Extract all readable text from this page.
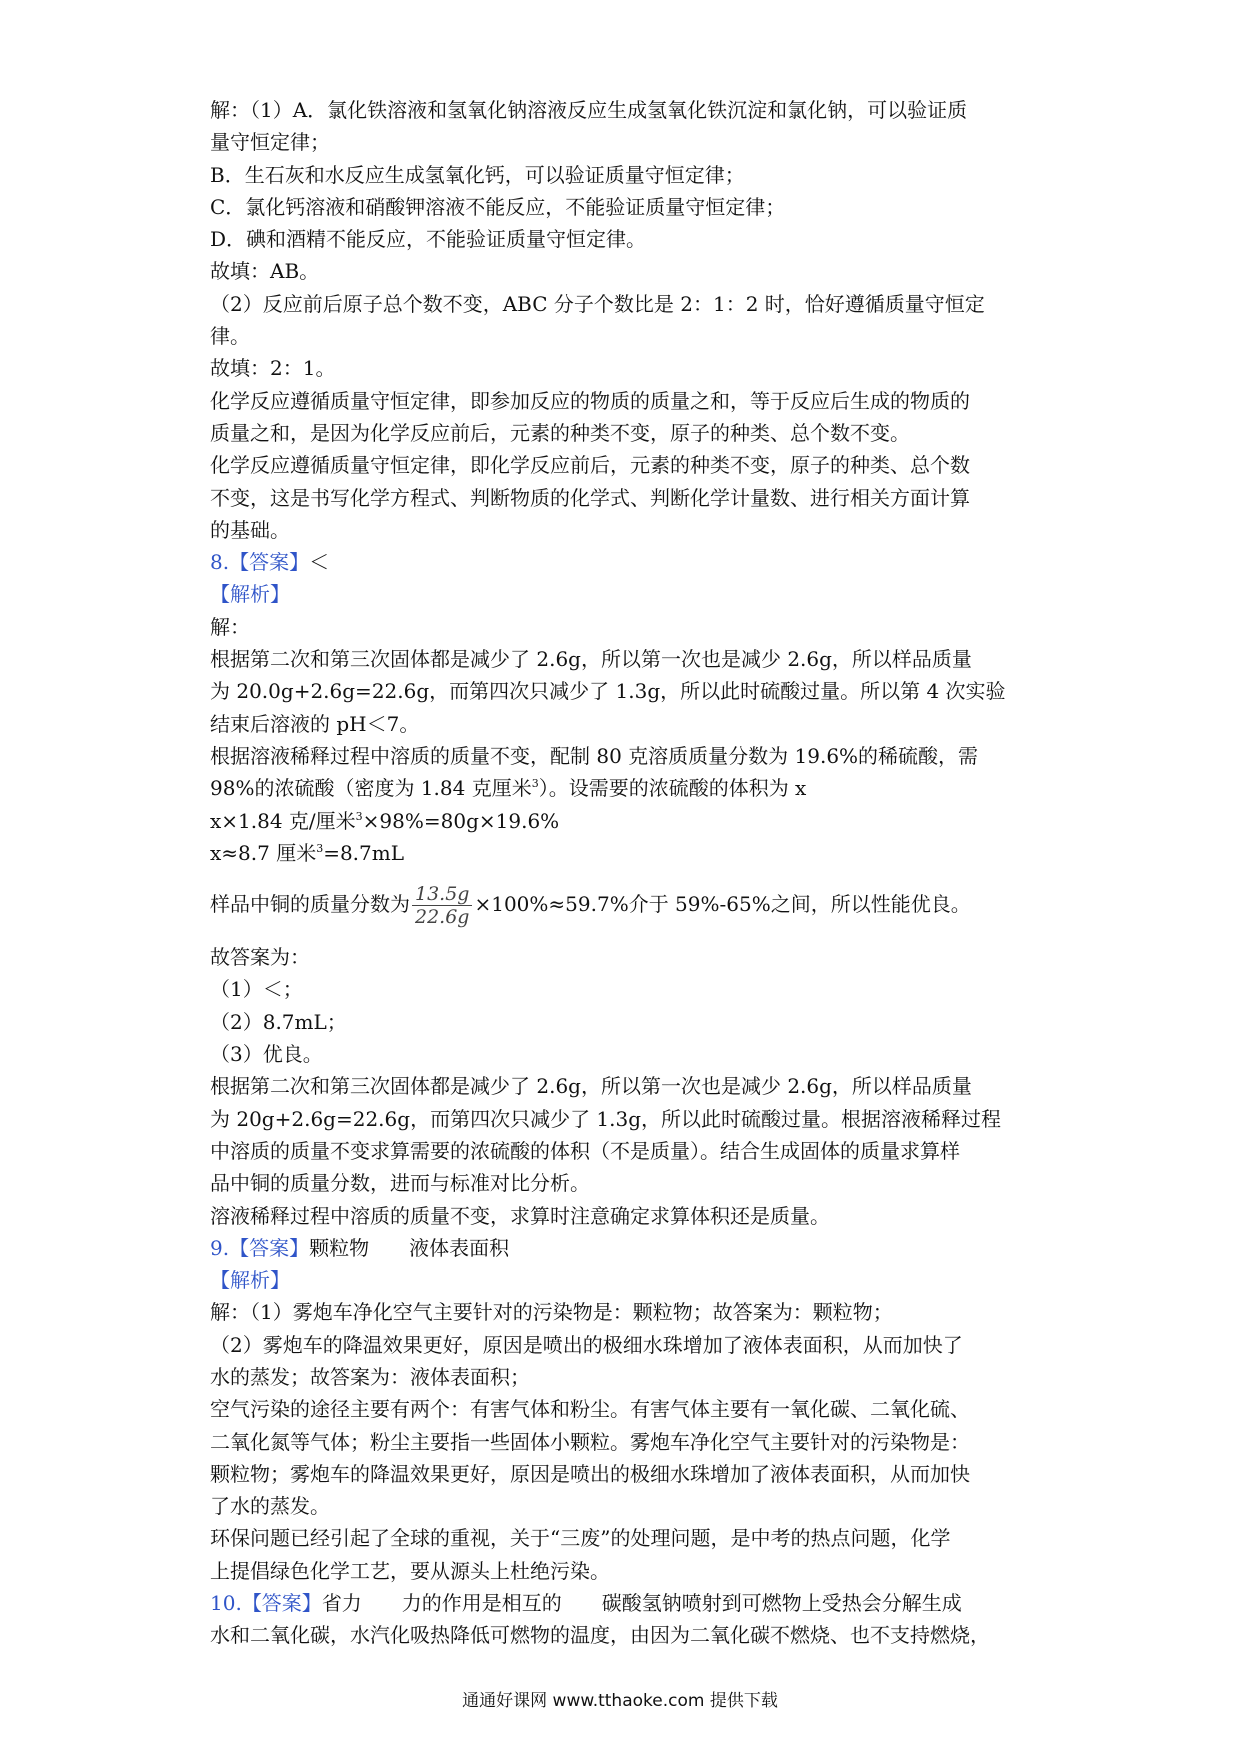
解：（1）A．氯化铁溶液和氢氧化钠溶液反应生成氢氧化铁沉淀和氯化钠，可以验证质
量守恒定律；
B．生石灰和水反应生成氢氧化钙，可以验证质量守恒定律；
C．氯化钙溶液和硝酸钾溶液不能反应，不能验证质量守恒定律；
D．碘和酒精不能反应，不能验证质量守恒定律。
故填：AB。
（2）反应前后原子总个数不变，ABC 分子个数比是 2：1：2 时，恰好遵循质量守恒定
律。
故填：2：1。
化学反应遵循质量守恒定律，即参加反应的物质的质量之和，等于反应后生成的物质的
质量之和，是因为化学反应前后，元素的种类不变，原子的种类、总个数不变。
化学反应遵循质量守恒定律，即化学反应前后，元素的种类不变，原子的种类、总个数
不变，这是书写化学方程式、判断物质的化学式、判断化学计量数、进行相关方面计算
的基础。
8.【答案】＜
【解析】
解：
根据第二次和第三次固体都是减少了 2.6g，所以第一次也是减少 2.6g，所以样品质量
为 20.0g+2.6g=22.6g，而第四次只减少了 1.3g，所以此时硫酸过量。所以第 4 次实验
结束后溶液的 pH＜7。
根据溶液稀释过程中溶质的质量不变，配制 80 克溶质质量分数为 19.6%的稀硫酸，需
98%的浓硫酸（密度为 1.84 克厘米$^3$）。设需要的浓硫酸的体积为 x
x×1.84 克/厘米$^3$×98%=80g×19.6%
x≈8.7 厘米$^3$=8.7mL
样品中铜的质量分数为 $\frac{13.5g}{22.6g} \times 100\%\approx 59.7\%$介于 59%-65%之间，所以性能优良。
故答案为：
（1）＜；
（2）8.7mL；
（3）优良。
根据第二次和第三次固体都是减少了 2.6g，所以第一次也是减少 2.6g，所以样品质量
为 20g+2.6g=22.6g，而第四次只减少了 1.3g，所以此时硫酸过量。根据溶液稀释过程
中溶质的质量不变求算需要的浓硫酸的体积（不是质量）。结合生成固体的质量求算样
品中铜的质量分数，进而与标准对比分析。
溶液稀释过程中溶质的质量不变，求算时注意确定求算体积还是质量。
9.【答案】颗粒物　　液体表面积
【解析】
解：（1）雾炮车净化空气主要针对的污染物是：颗粒物；故答案为：颗粒物；
（2）雾炮车的降温效果更好，原因是喷出的极细水珠增加了液体表面积，从而加快了
水的蒸发；故答案为：液体表面积；
空气污染的途径主要有两个：有害气体和粉尘。有害气体主要有一氧化碳、二氧化硫、
二氧化氮等气体；粉尘主要指一些固体小颗粒。雾炮车净化空气主要针对的污染物是：
颗粒物；雾炮车的降温效果更好，原因是喷出的极细水珠增加了液体表面积，从而加快
了水的蒸发。
环保问题已经引起了全球的重视，关于“三废”的处理问题，是中考的热点问题，化学
上提倡绿色化学工艺，要从源头上杜绝污染。
10.【答案】省力　　力的作用是相互的　　碳酸氢钠喷射到可燃物上受热会分解生成
水和二氧化碳，水汽化吸热降低可燃物的温度，由因为二氧化碳不燃烧、也不支持燃烧，
通通好课网 www.tthaoke.com 提供下载
